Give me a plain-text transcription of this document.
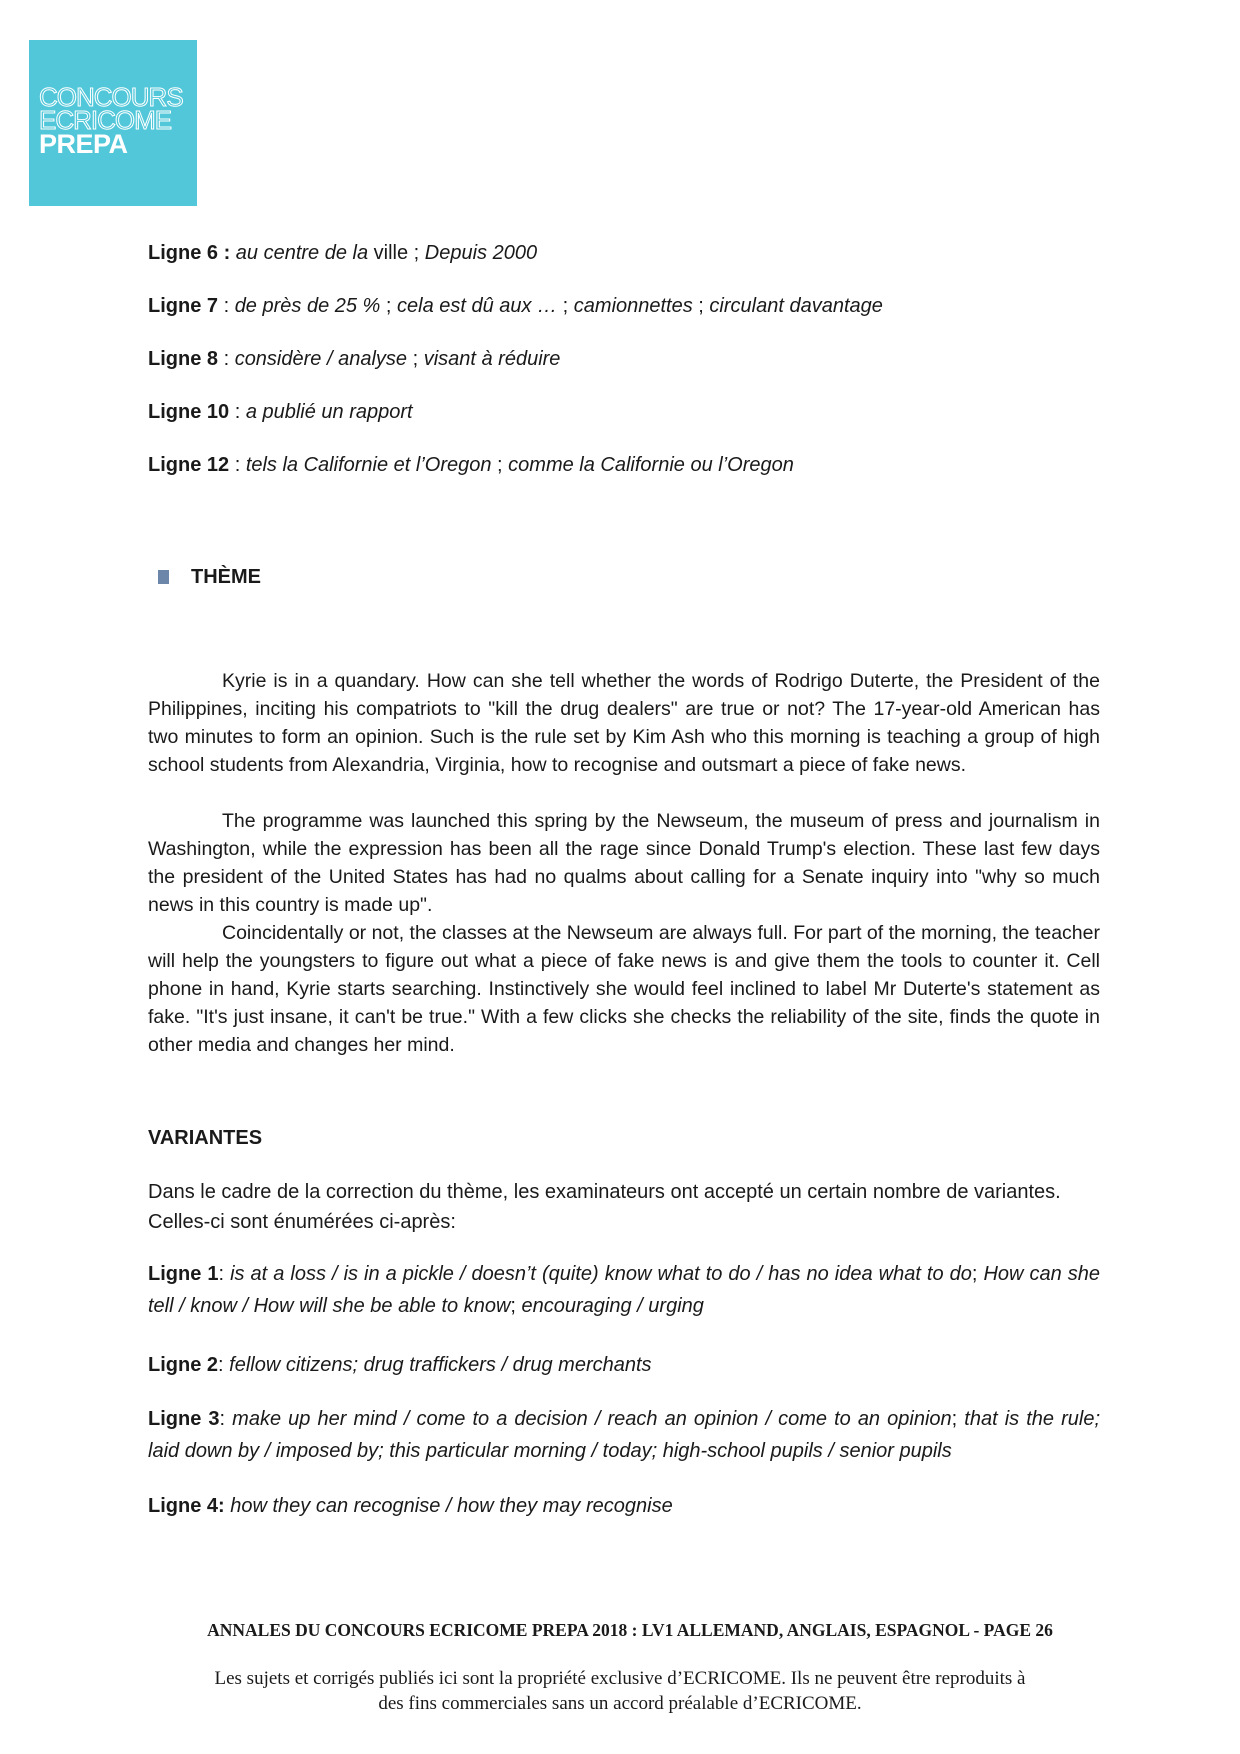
CONCOURS
ECRICOME
PREPA
Ligne 6 : au centre de la ville ; Depuis 2000
Ligne 7 : de près de 25 % ; cela est dû aux … ; camionnettes ; circulant davantage
Ligne 8 : considère / analyse ; visant à réduire
Ligne 10 : a publié un rapport
Ligne 12 : tels la Californie et l’Oregon ; comme la Californie ou l’Oregon
THÈME
Kyrie is in a quandary. How can she tell whether the words of Rodrigo Duterte, the President of the Philippines, inciting his compatriots to "kill the drug dealers" are true or not? The 17-year-old American has two minutes to form an opinion. Such is the rule set by Kim Ash who this morning is teaching a group of high school students from Alexandria, Virginia, how to recognise and outsmart a piece of fake news.
The programme was launched this spring by the Newseum, the museum of press and journalism in Washington, while the expression has been all the rage since Donald Trump's election. These last few days the president of the United States has had no qualms about calling for a Senate inquiry into "why so much news in this country is made up".
Coincidentally or not, the classes at the Newseum are always full. For part of the morning, the teacher will help the youngsters to figure out what a piece of fake news is and give them the tools to counter it. Cell phone in hand, Kyrie starts searching. Instinctively she would feel inclined to label Mr Duterte's statement as fake. "It's just insane, it can't be true." With a few clicks she checks the reliability of the site, finds the quote in other media and changes her mind.
VARIANTES
Dans le cadre de la correction du thème, les examinateurs ont accepté un certain nombre de variantes. Celles-ci sont énumérées ci-après:
Ligne 1: is at a loss / is in a pickle / doesn’t (quite) know what to do / has no idea what to do; How can she tell / know / How will she be able to know; encouraging / urging
Ligne 2: fellow citizens; drug traffickers / drug merchants
Ligne 3: make up her mind / come to a decision / reach an opinion / come to an opinion; that is the rule; laid down by / imposed by; this particular morning / today; high-school pupils / senior pupils
Ligne 4: how they can recognise / how they may recognise
ANNALES DU CONCOURS ECRICOME PREPA 2018 : LV1 ALLEMAND, ANGLAIS, ESPAGNOL - PAGE 26
Les sujets et corrigés publiés ici sont la propriété exclusive d’ECRICOME. Ils ne peuvent être reproduits à
des fins commerciales sans un accord préalable d’ECRICOME.
